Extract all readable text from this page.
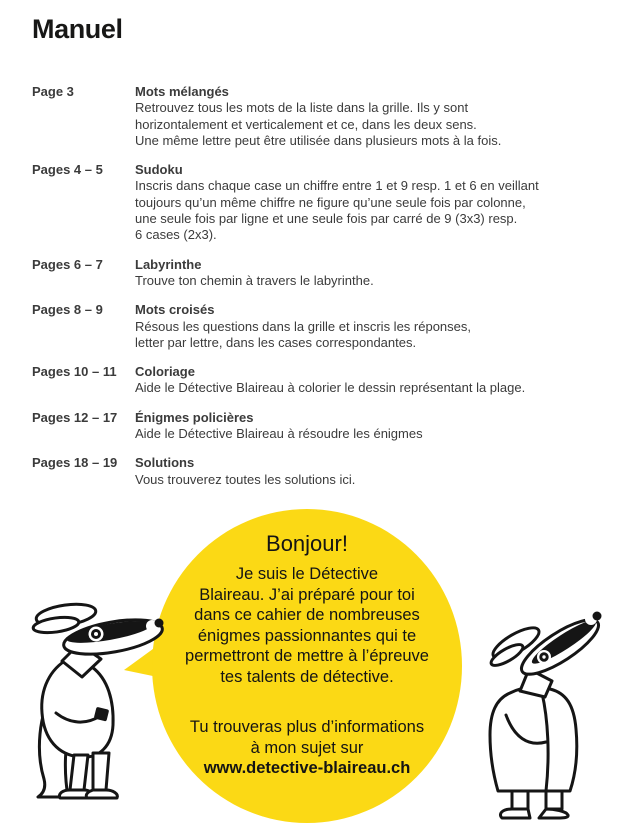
Manuel
Page 3	Mots mélangés
Retrouvez tous les mots de la liste dans la grille. Ils y sont
horizontalement et verticalement et ce, dans les deux sens.
Une même lettre peut être utilisée dans plusieurs mots à la fois.
Pages 4 – 5	Sudoku
Inscris dans chaque case un chiffre entre 1 et 9 resp. 1 et 6 en veillant
toujours qu’un même chiffre ne figure qu’une seule fois par colonne,
une seule fois par ligne et une seule fois par carré de 9 (3x3) resp.
6 cases (2x3).
Pages 6 – 7	Labyrinthe
Trouve ton chemin à travers le labyrinthe.
Pages 8 – 9	Mots croisés
Résous les questions dans la grille et inscris les réponses,
letter par lettre, dans les cases correspondantes.
Pages 10 – 11	Coloriage
Aide le Détective Blaireau à colorier le dessin représentant la plage.
Pages 12 – 17	Énigmes policières
Aide le Détective Blaireau à résoudre les énigmes
Pages 18 – 19	Solutions
Vous trouverez toutes les solutions ici.

Bonjour!

Je suis le Détective
Blaireau. J’ai préparé pour toi
dans ce cahier de nombreuses
énigmes passionnantes qui te
permettront de mettre à l’épreuve
tes talents de détective.
Tu trouveras plus d’informations
à mon sujet sur
www.detective-blaireau.ch
